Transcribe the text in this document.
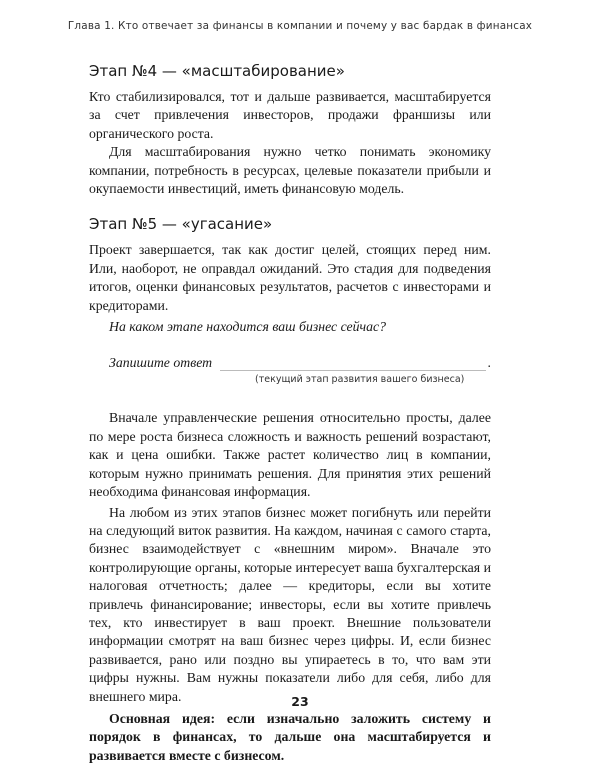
Глава 1. Кто отвечает за финансы в компании и почему у вас бардак в финансах
Этап №4 — «масштабирование»

Кто стабилизировался, тот и дальше развивается, масштабируется за счет привлечения инвесторов, продажи франшизы или органического роста.

Для масштабирования нужно четко понимать экономику компании, потребность в ресурсах, целевые показатели прибыли и окупаемости инвестиций, иметь финансовую модель.

Этап №5 — «угасание»

Проект завершается, так как достиг целей, стоящих перед ним. Или, наоборот, не оправдал ожиданий. Это стадия для подведения итогов, оценки финансовых результатов, расчетов с инвесторами и кредиторами.

На каком этапе находится ваш бизнес сейчас?

Запишите ответ	.
(текущий этап развития вашего бизнеса)

Вначале управленческие решения относительно просты, далее по мере роста бизнеса сложность и важность решений возрастают, как и цена ошибки. Также растет количество лиц в компании, которым нужно принимать решения. Для принятия этих решений необходима финансовая информация.

На любом из этих этапов бизнес может погибнуть или перейти на следующий виток развития. На каждом, начиная с самого старта, бизнес взаимодействует с «внешним миром». Вначале это контролирующие органы, которые интересует ваша бухгалтерская и налоговая отчетность; далее — кредиторы, если вы хотите привлечь финансирование; инвесторы, если вы хотите привлечь тех, кто инвестирует в ваш проект. Внешние пользователи информации смотрят на ваш бизнес через цифры. И, если бизнес развивается, рано или поздно вы упираетесь в то, что вам эти цифры нужны. Вам нужны показатели либо для себя, либо для внешнего мира.

Основная идея: если изначально заложить систему и порядок в финансах, то дальше она масштабируется и развивается вместе с бизнесом.

23
